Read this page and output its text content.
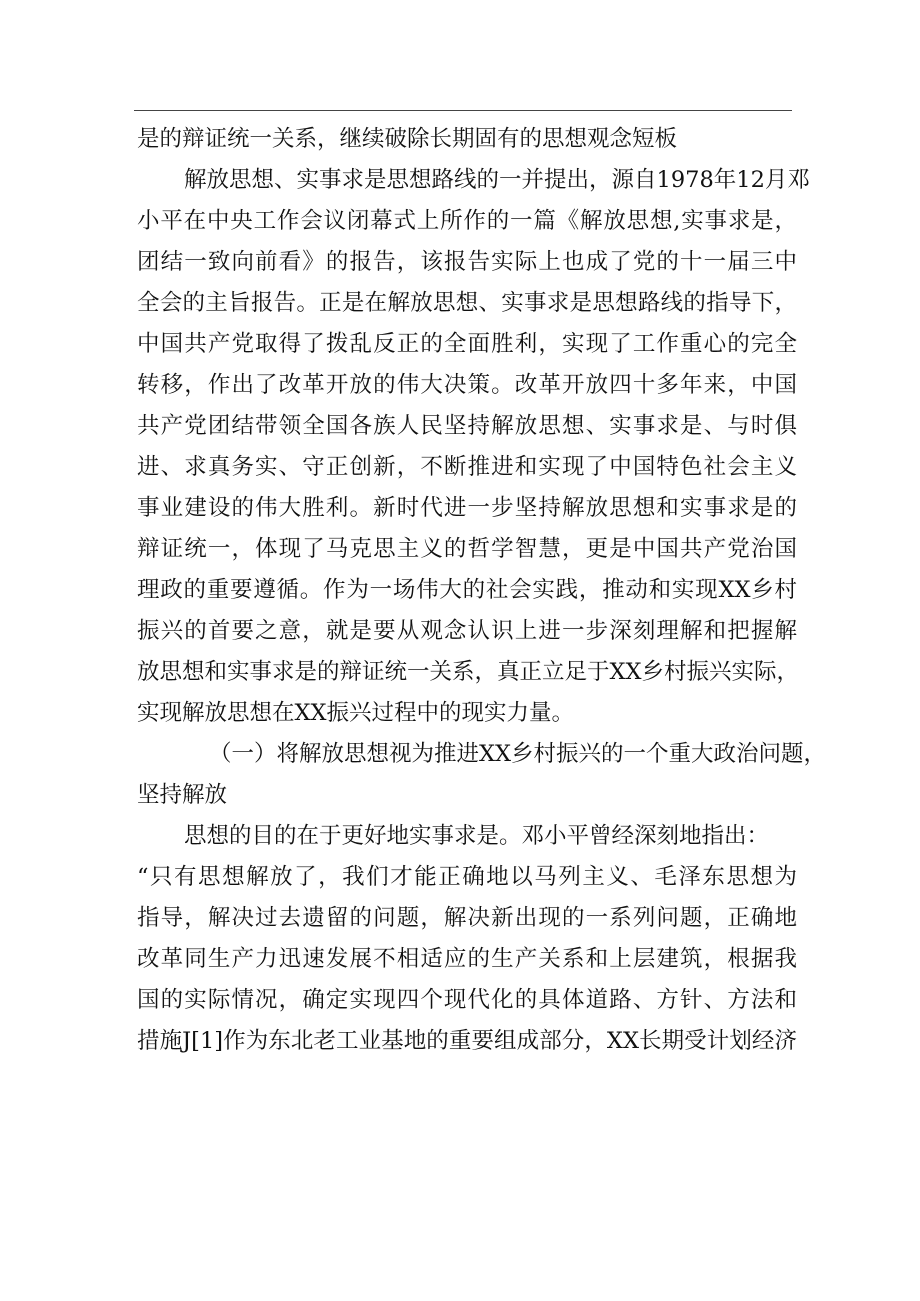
是的辩证统一关系，继续破除长期固有的思想观念短板
解放思想、实事求是思想路线的一并提出，源自1978年12月邓
小平在中央工作会议闭幕式上所作的一篇《解放思想,实事求是，
团结一致向前看》的报告，该报告实际上也成了党的十一届三中
全会的主旨报告。正是在解放思想、实事求是思想路线的指导下，
中国共产党取得了拨乱反正的全面胜利，实现了工作重心的完全
转移，作出了改革开放的伟大决策。改革开放四十多年来，中国
共产党团结带领全国各族人民坚持解放思想、实事求是、与时俱
进、求真务实、守正创新，不断推进和实现了中国特色社会主义
事业建设的伟大胜利。新时代进一步坚持解放思想和实事求是的
辩证统一，体现了马克思主义的哲学智慧，更是中国共产党治国
理政的重要遵循。作为一场伟大的社会实践，推动和实现XX乡村
振兴的首要之意，就是要从观念认识上进一步深刻理解和把握解
放思想和实事求是的辩证统一关系，真正立足于XX乡村振兴实际，
实现解放思想在XX振兴过程中的现实力量。
（一）将解放思想视为推进XX乡村振兴的一个重大政治问题，
坚持解放
思想的目的在于更好地实事求是。邓小平曾经深刻地指出：
“只有思想解放了，我们才能正确地以马列主义、毛泽东思想为
指导，解决过去遗留的问题，解决新出现的一系列问题，正确地
改革同生产力迅速发展不相适应的生产关系和上层建筑，根据我
国的实际情况，确定实现四个现代化的具体道路、方针、方法和
措施J[1]作为东北老工业基地的重要组成部分，XX长期受计划经济
